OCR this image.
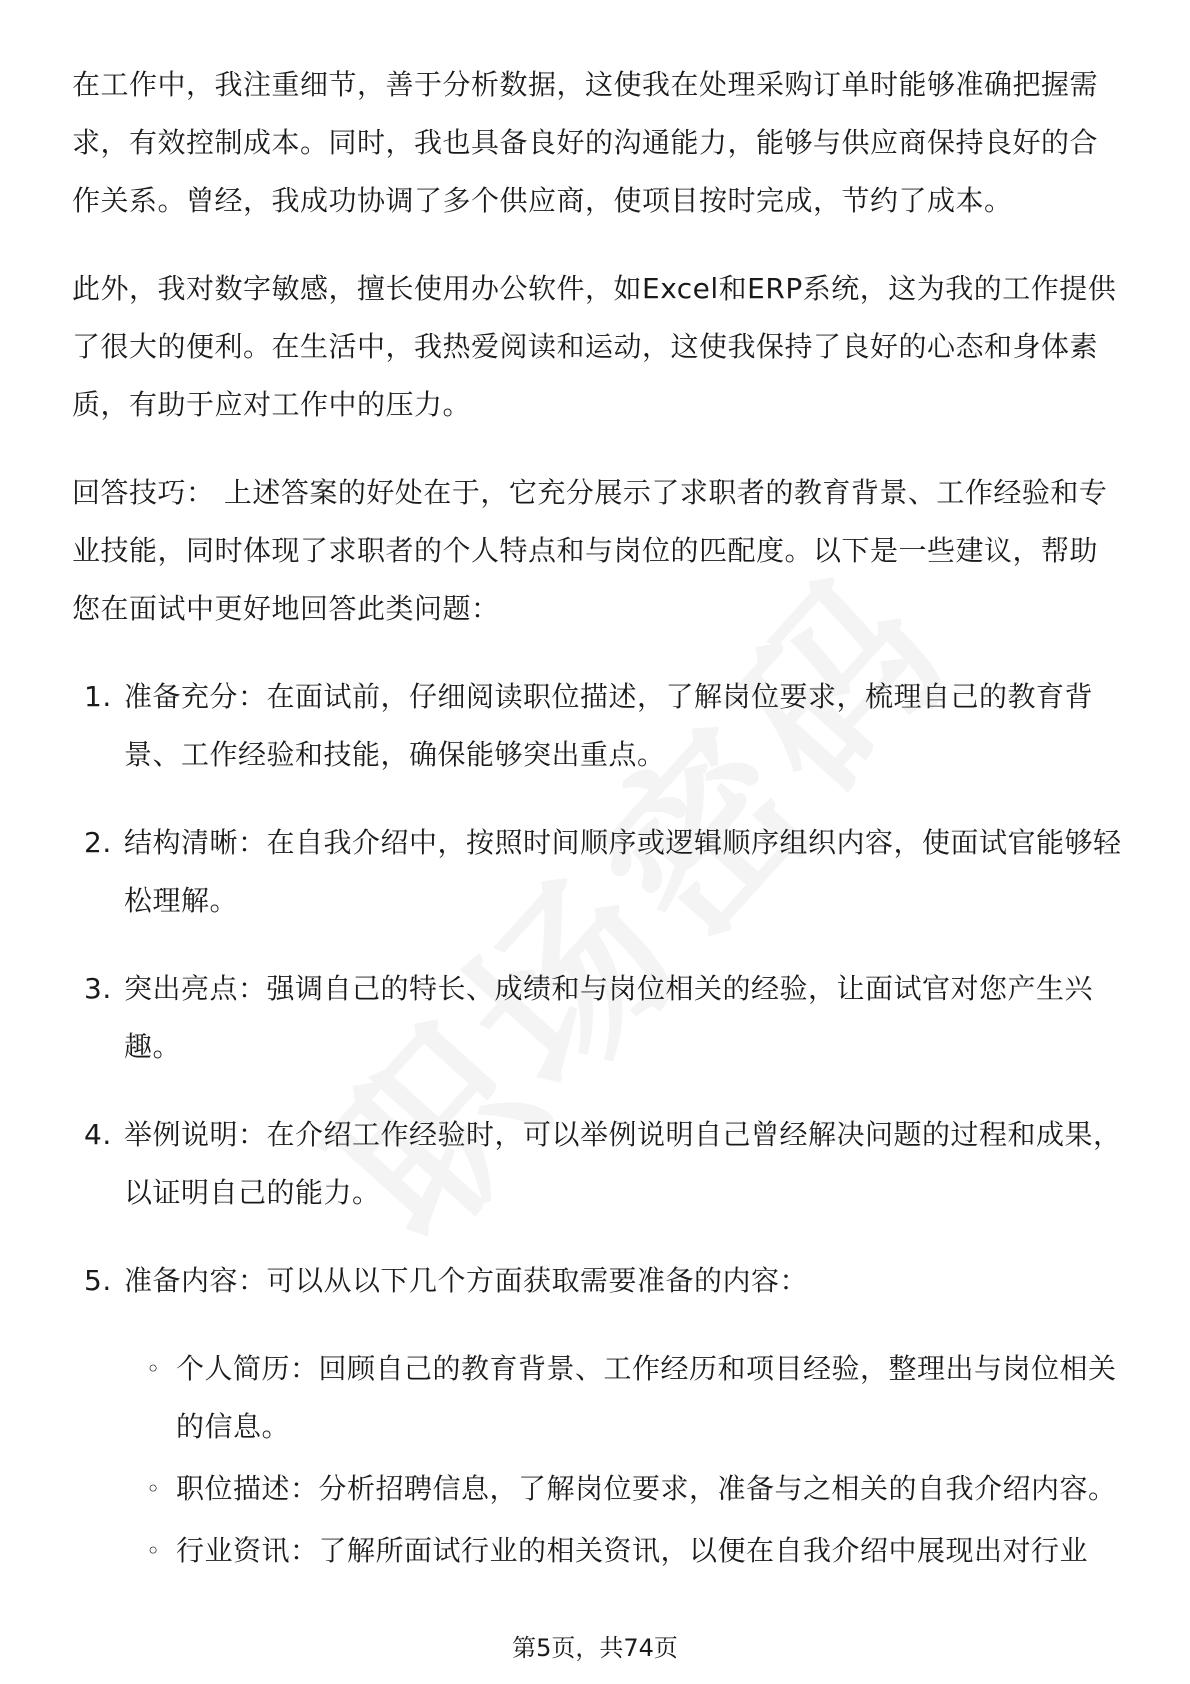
在工作中，我注重细节，善于分析数据，这使我在处理采购订单时能够准确把握需求，有效控制成本。同时，我也具备良好的沟通能力，能够与供应商保持良好的合作关系。曾经，我成功协调了多个供应商，使项目按时完成，节约了成本。

此外，我对数字敏感，擅长使用办公软件，如Excel和ERP系统，这为我的工作提供了很大的便利。在生活中，我热爱阅读和运动，这使我保持了良好的心态和身体素质，有助于应对工作中的压力。

回答技巧： 上述答案的好处在于，它充分展示了求职者的教育背景、工作经验和专业技能，同时体现了求职者的个人特点和与岗位的匹配度。以下是一些建议，帮助您在面试中更好地回答此类问题：

1. 准备充分：在面试前，仔细阅读职位描述，了解岗位要求，梳理自己的教育背景、工作经验和技能，确保能够突出重点。
2. 结构清晰：在自我介绍中，按照时间顺序或逻辑顺序组织内容，使面试官能够轻松理解。
3. 突出亮点：强调自己的特长、成绩和与岗位相关的经验，让面试官对您产生兴趣。
4. 举例说明：在介绍工作经验时，可以举例说明自己曾经解决问题的过程和成果，以证明自己的能力。
5. 准备内容：可以从以下几个方面获取需要准备的内容：
◦ 个人简历：回顾自己的教育背景、工作经历和项目经验，整理出与岗位相关的信息。
◦ 职位描述：分析招聘信息，了解岗位要求，准备与之相关的自我介绍内容。
◦ 行业资讯：了解所面试行业的相关资讯，以便在自我介绍中展现出对行业
第5页，共74页
